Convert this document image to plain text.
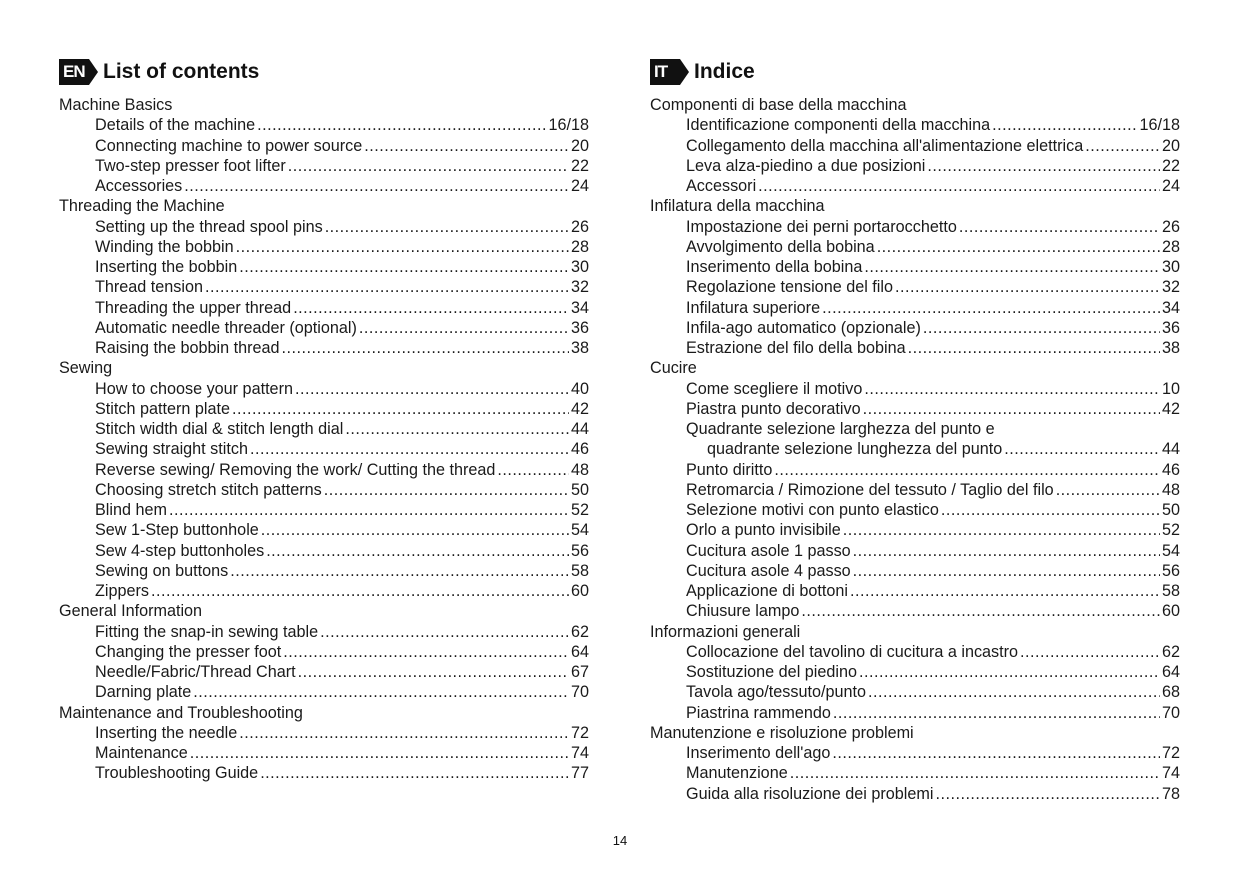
EN List of contents
Machine Basics
Details of the machine .....	16/18
Connecting machine to power source .....	20
Two-step presser foot lifter .....	22
Accessories .....	24
Threading the Machine
Setting up the thread spool pins .....	26
Winding the bobbin .....	28
Inserting the bobbin .....	30
Thread tension .....	32
Threading the upper thread .....	34
Automatic needle threader (optional) .....	36
Raising the bobbin thread .....	38
Sewing
How to choose your pattern .....	40
Stitch pattern plate .....	42
Stitch width dial & stitch length dial .....	44
Sewing straight stitch .....	46
Reverse sewing/ Removing the work/ Cutting the thread .....	48
Choosing stretch stitch patterns .....	50
Blind hem .....	52
Sew 1-Step buttonhole .....	54
Sew 4-step buttonholes .....	56
Sewing on buttons .....	58
Zippers .....	60
General Information
Fitting the snap-in sewing table .....	62
Changing the presser foot .....	64
Needle/Fabric/Thread Chart .....	67
Darning plate .....	70
Maintenance and Troubleshooting
Inserting the needle .....	72
Maintenance .....	74
Troubleshooting Guide .....	77
IT	Indice
Componenti di base della macchina
Identificazione componenti della macchina .....	16/18
Collegamento della macchina all'alimentazione elettrica .....	20
Leva alza-piedino a due posizioni .....	22
Accessori .....	24
Infilatura della macchina
Impostazione dei perni portarocchetto .....	26
Avvolgimento della bobina .....	28
Inserimento della bobina .....	30
Regolazione tensione del filo .....	32
Infilatura superiore .....	34
Infila-ago automatico (opzionale) .....	36
Estrazione del filo della bobina .....	38
Cucire
Come scegliere il motivo .....	10
Piastra punto decorativo .....	42
Quadrante selezione larghezza del punto e
quadrante selezione lunghezza del punto .....	44
Punto diritto .....	46
Retromarcia / Rimozione del tessuto / Taglio del filo .....	48
Selezione motivi con punto elastico .....	50
Orlo a punto invisibile .....	52
Cucitura asole 1 passo .....	54
Cucitura asole 4 passo .....	56
Applicazione di bottoni .....	58
Chiusure lampo .....	60
Informazioni generali
Collocazione del tavolino di cucitura a incastro .....	62
Sostituzione del piedino .....	64
Tavola ago/tessuto/punto .....	68
Piastrina rammendo .....	70
Manutenzione e risoluzione problemi
Inserimento dell'ago .....	72
Manutenzione .....	74
Guida alla risoluzione dei problemi .....	78
14
